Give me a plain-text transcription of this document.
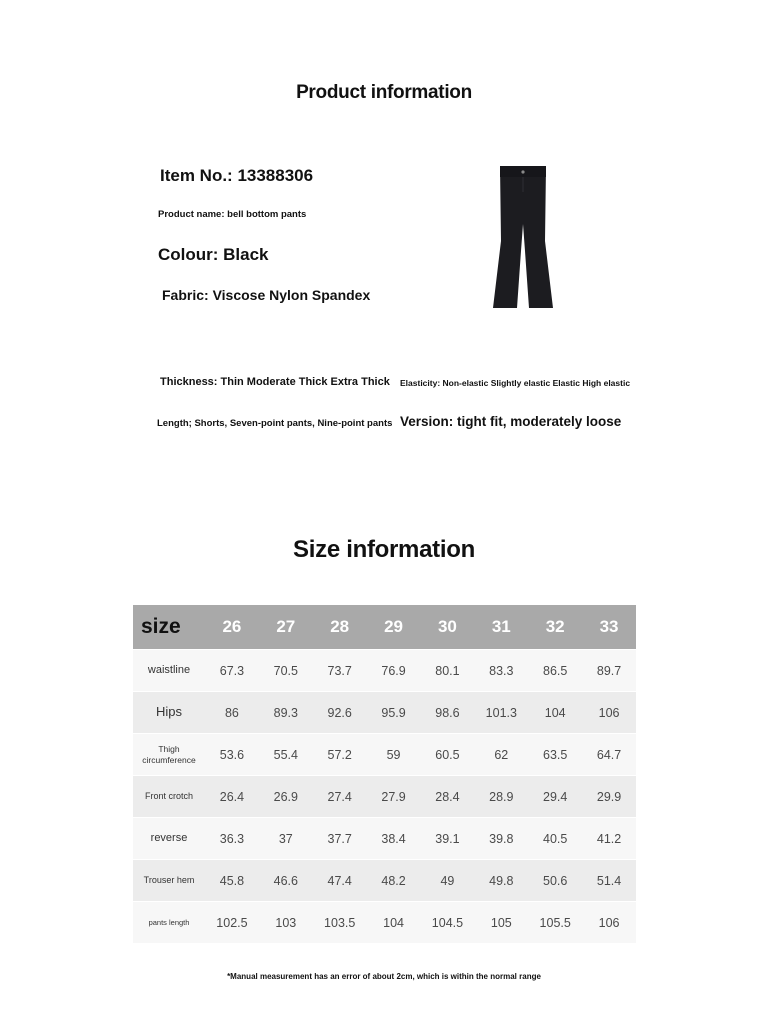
Product information
Item No.: 13388306
Product name: bell bottom pants
Colour: Black
Fabric: Viscose Nylon Spandex
Thickness: Thin Moderate Thick Extra Thick Elasticity: Non-elastic Slightly elastic Elastic High elastic
Length; Shorts, Seven-point pants, Nine-point pants Version: tight fit, moderately loose
Size information
size	26	27	28	29	30	31	32	33
waistline	67.3	70.5	73.7	76.9	80.1	83.3	86.5	89.7
Hips	86	89.3	92.6	95.9	98.6	101.3	104	106
Thigh circumference	53.6	55.4	57.2	59	60.5	62	63.5	64.7
Front crotch	26.4	26.9	27.4	27.9	28.4	28.9	29.4	29.9
reverse	36.3	37	37.7	38.4	39.1	39.8	40.5	41.2
Trouser hem	45.8	46.6	47.4	48.2	49	49.8	50.6	51.4
pants length	102.5	103	103.5	104	104.5	105	105.5	106
*Manual measurement has an error of about 2cm, which is within the normal range
